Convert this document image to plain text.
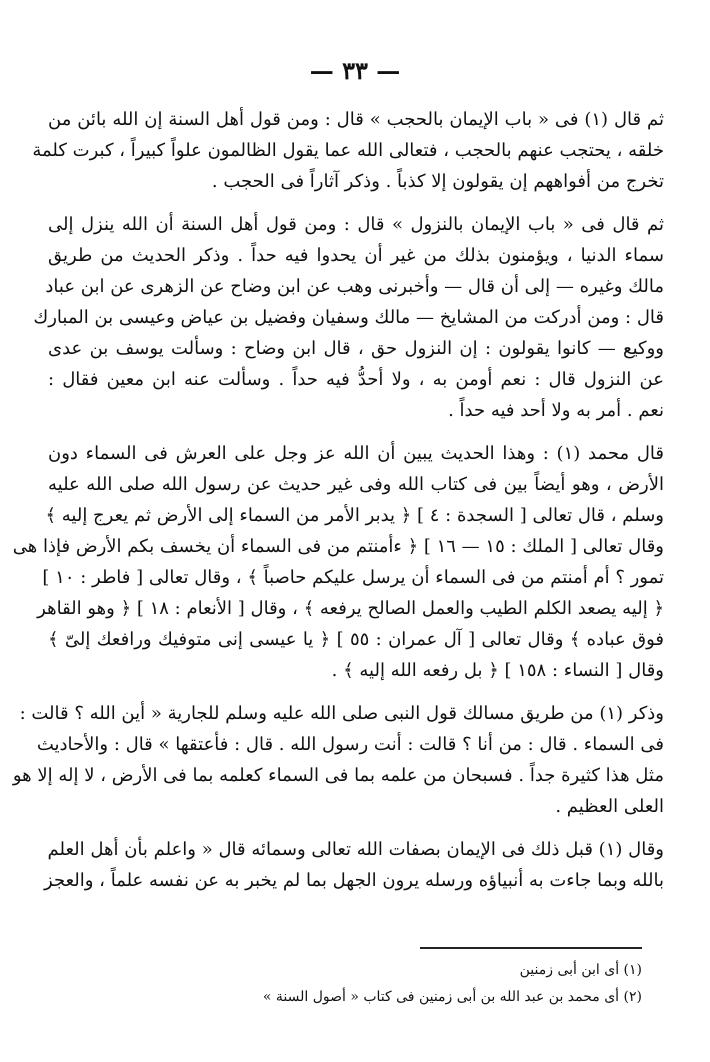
— ٣٣ —
ثم قال (١) فى « باب الإيمان بالحجب » قال : ومن قول أهل السنة إن الله بائن من
خلقه ، يحتجب عنهم بالحجب ، فتعالى الله عما يقول الظالمون علواً كبيراً ، كبرت كلمة
تخرج من أفواههم إن يقولون إلا كذباً . وذكر آثاراً فى الحجب .
ثم قال فى « باب الإيمان بالنزول » قال : ومن قول أهل السنة أن الله ينزل إلى
سماء الدنيا ، ويؤمنون بذلك من غير أن يحدوا فيه حداً . وذكر الحديث من طريق
مالك وغيره — إلى أن قال — وأخبرنى وهب عن ابن وضاح عن الزهرى عن ابن عباد
قال : ومن أدركت من المشايخ — مالك وسفيان وفضيل بن عياض وعيسى بن المبارك
ووكيع — كانوا يقولون : إن النزول حق ، قال ابن وضاح : وسألت يوسف بن عدى
عن النزول قال : نعم أومن به ، ولا أحدُّ فيه حداً . وسألت عنه ابن معين فقال :
نعم . أمر به ولا أحد فيه حداً .
قال محمد (١) : وهذا الحديث يبين أن الله عز وجل على العرش فى السماء دون
الأرض ، وهو أيضاً بين فى كتاب الله وفى غير حديث عن رسول الله صلى الله عليه
وسلم ، قال تعالى [ السجدة : ٤ ] ﴿ يدبر الأمر من السماء إلى الأرض ثم يعرج إليه ﴾
وقال تعالى [ الملك : ١٥ — ١٦ ] ﴿ ءأمنتم من فى السماء أن يخسف بكم الأرض فإذا هى
تمور ؟ أم أمنتم من فى السماء أن يرسل عليكم حاصباً ﴾ ، وقال تعالى [ فاطر : ١٠ ]
﴿ إليه يصعد الكلم الطيب والعمل الصالح يرفعه ﴾ ، وقال [ الأنعام : ١٨ ] ﴿ وهو القاهر
فوق عباده ﴾ وقال تعالى [ آل عمران : ٥٥ ] ﴿ يا عيسى إنى متوفيك ورافعك إلىّ ﴾
وقال [ النساء : ١٥٨ ] ﴿ بل رفعه الله إليه ﴾ .
وذكر (١) من طريق مسالك قول النبى صلى الله عليه وسلم للجارية « أين الله ؟ قالت :
فى السماء . قال : من أنا ؟ قالت : أنت رسول الله . قال : فأعتقها » قال : والأحاديث
مثل هذا كثيرة جداً . فسبحان من علمه بما فى السماء كعلمه بما فى الأرض ، لا إله إلا هو
العلى العظيم .
وقال (١) قبل ذلك فى الإيمان بصفات الله تعالى وسمائه قال « واعلم بأن أهل العلم
بالله وبما جاءت به أنبياؤه ورسله يرون الجهل بما لم يخبر به عن نفسه علماً ، والعجز
(١) أى ابن أبى زمنين
(٢) أى محمد بن عبد الله بن أبى زمنين فى كتاب « أصول السنة »
